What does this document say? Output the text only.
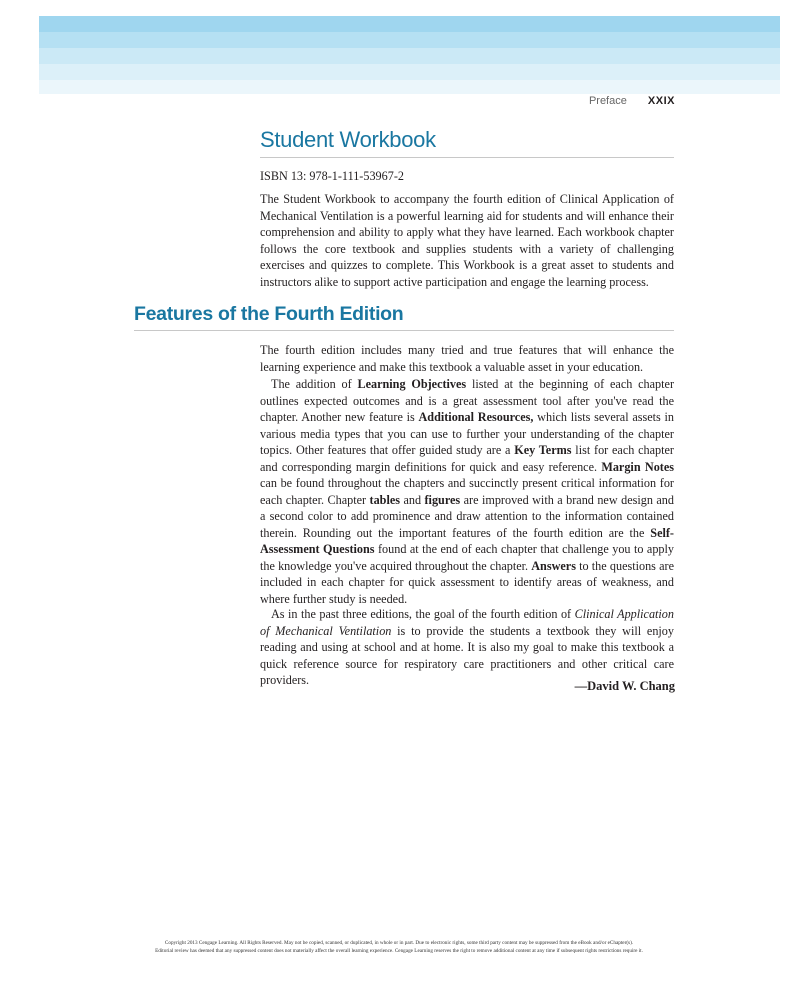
Preface XXIX
Student Workbook
ISBN 13: 978-1-111-53967-2

The Student Workbook to accompany the fourth edition of Clinical Application of Mechanical Ventilation is a powerful learning aid for students and will enhance their comprehension and ability to apply what they have learned. Each workbook chapter follows the core textbook and supplies students with a variety of challenging exercises and quizzes to complete. This Workbook is a great asset to students and instructors alike to support active participation and engage the learning process.

Features of the Fourth Edition

The fourth edition includes many tried and true features that will enhance the learning experience and make this textbook a valuable asset in your education.

The addition of Learning Objectives listed at the beginning of each chapter outlines expected outcomes and is a great assessment tool after you've read the chapter. Another new feature is Additional Resources, which lists several assets in various media types that you can use to further your understanding of the chapter topics. Other features that offer guided study are a Key Terms list for each chapter and corresponding margin definitions for quick and easy reference. Margin Notes can be found throughout the chapters and succinctly present critical information for each chapter. Chapter tables and figures are improved with a brand new design and a second color to add prominence and draw attention to the information contained therein. Rounding out the important features of the fourth edition are the Self-Assessment Questions found at the end of each chapter that challenge you to apply the knowledge you've acquired throughout the chapter. Answers to the questions are included in each chapter for quick assessment to identify areas of weakness, and where further study is needed.

As in the past three editions, the goal of the fourth edition of Clinical Application of Mechanical Ventilation is to provide the students a textbook they will enjoy reading and using at school and at home. It is also my goal to make this textbook a quick reference source for respiratory care practitioners and other critical care providers.	—David W. Chang
Copyright 2013 Cengage Learning. All Rights Reserved. May not be copied, scanned, or duplicated, in whole or in part. Due to electronic rights, some third party content may be suppressed from the eBook and/or eChapter(s).
Editorial review has deemed that any suppressed content does not materially affect the overall learning experience. Cengage Learning reserves the right to remove additional content at any time if subsequent rights restrictions require it.
